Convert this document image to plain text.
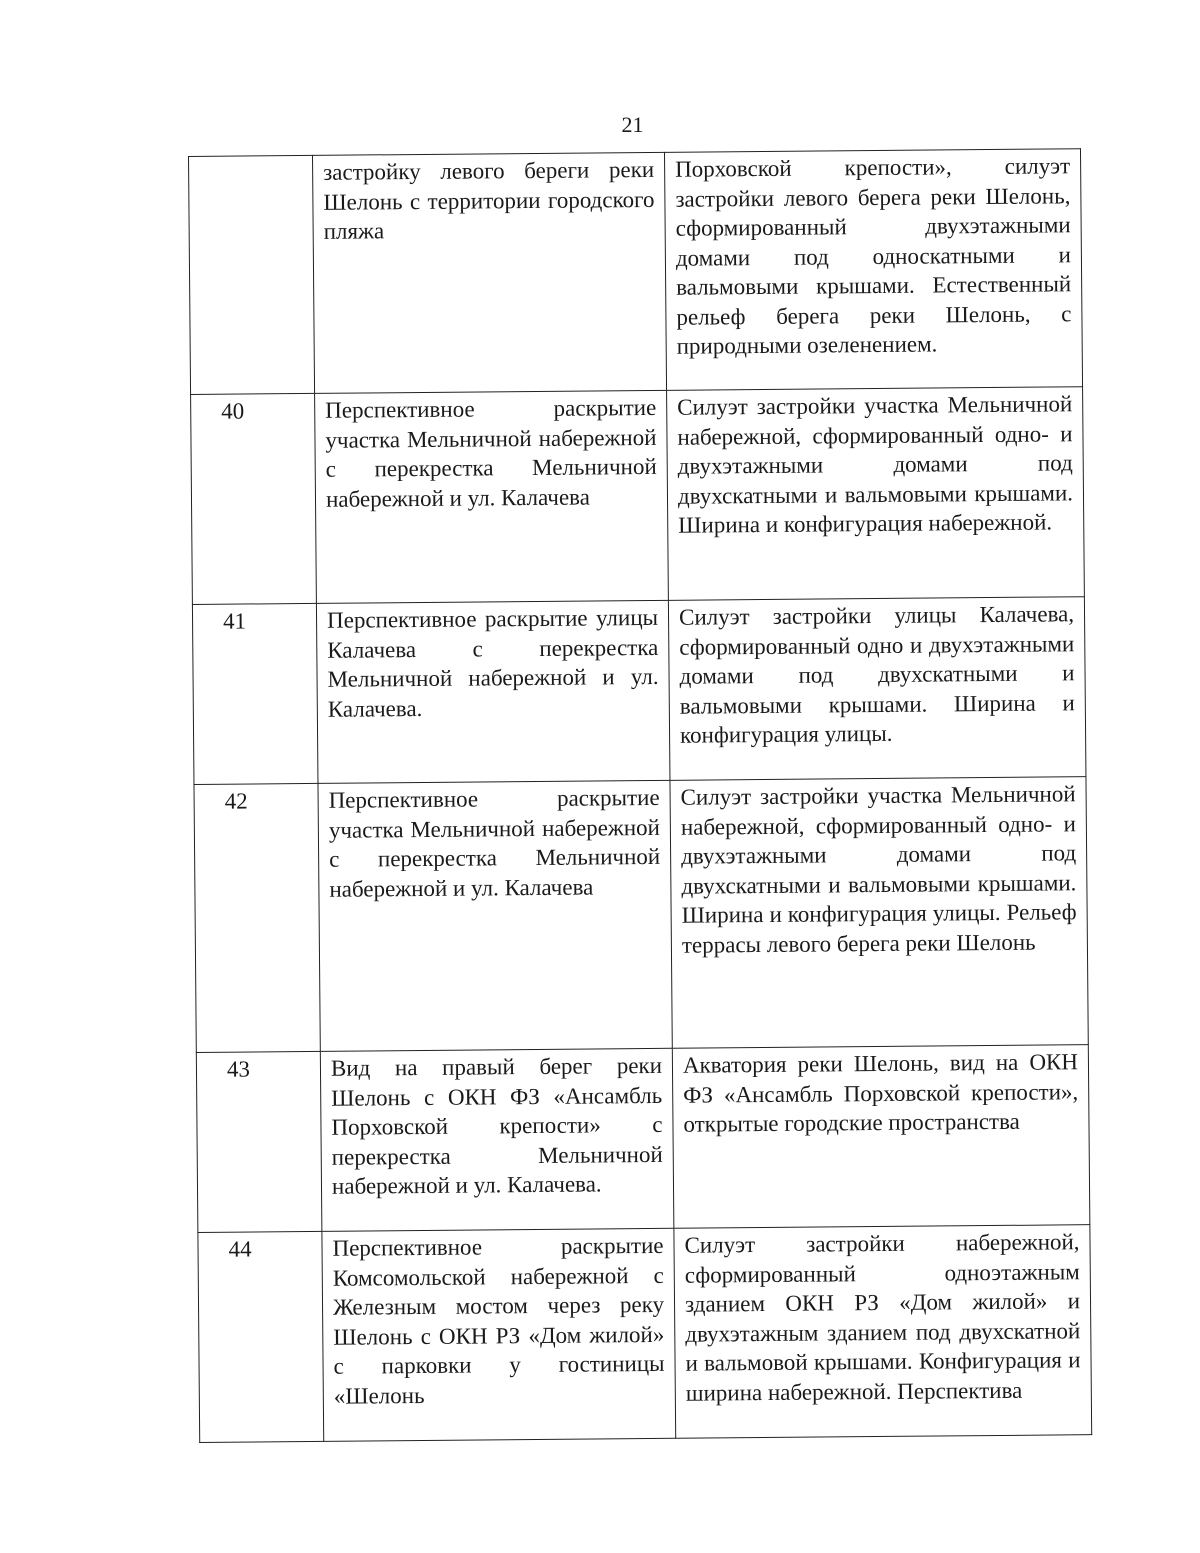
21
	застройку левого береги реки Шелонь с территории городского пляжа	Порховской крепости», силуэт застройки левого берега реки Шелонь, сформированный двухэтажными домами под односкатными и вальмовыми крышами. Естественный рельеф берега реки Шелонь, с природными озеленением.
40	Перспективное раскрытие участка Мельничной набережной с перекрестка Мельничной набережной и ул. Калачева	Силуэт застройки участка Мельничной набережной, сформированный одно- и двухэтажными домами под двухскатными и вальмовыми крышами. Ширина и конфигурация набережной.
41	Перспективное раскрытие улицы Калачева с перекрестка Мельничной набережной и ул. Калачева.	Силуэт застройки улицы Калачева, сформированный одно и двухэтажными домами под двухскатными и вальмовыми крышами. Ширина и конфигурация улицы.
42	Перспективное раскрытие участка Мельничной набережной с перекрестка Мельничной набережной и ул. Калачева	Силуэт застройки участка Мельничной набережной, сформированный одно- и двухэтажными домами под двухскатными и вальмовыми крышами. Ширина и конфигурация улицы. Рельеф террасы левого берега реки Шелонь
43	Вид на правый берег реки Шелонь с ОКН ФЗ «Ансамбль Порховской крепости» с перекрестка Мельничной набережной и ул. Калачева.	Акватория реки Шелонь, вид на ОКН ФЗ «Ансамбль Порховской крепости», открытые городские пространства
44	Перспективное раскрытие Комсомольской набережной с Железным мостом через реку Шелонь с ОКН РЗ «Дом жилой» с парковки у гостиницы «Шелонь	Силуэт застройки набережной, сформированный одноэтажным зданием ОКН РЗ «Дом жилой» и двухэтажным зданием под двухскатной и вальмовой крышами. Конфигурация и ширина набережной. Перспектива
